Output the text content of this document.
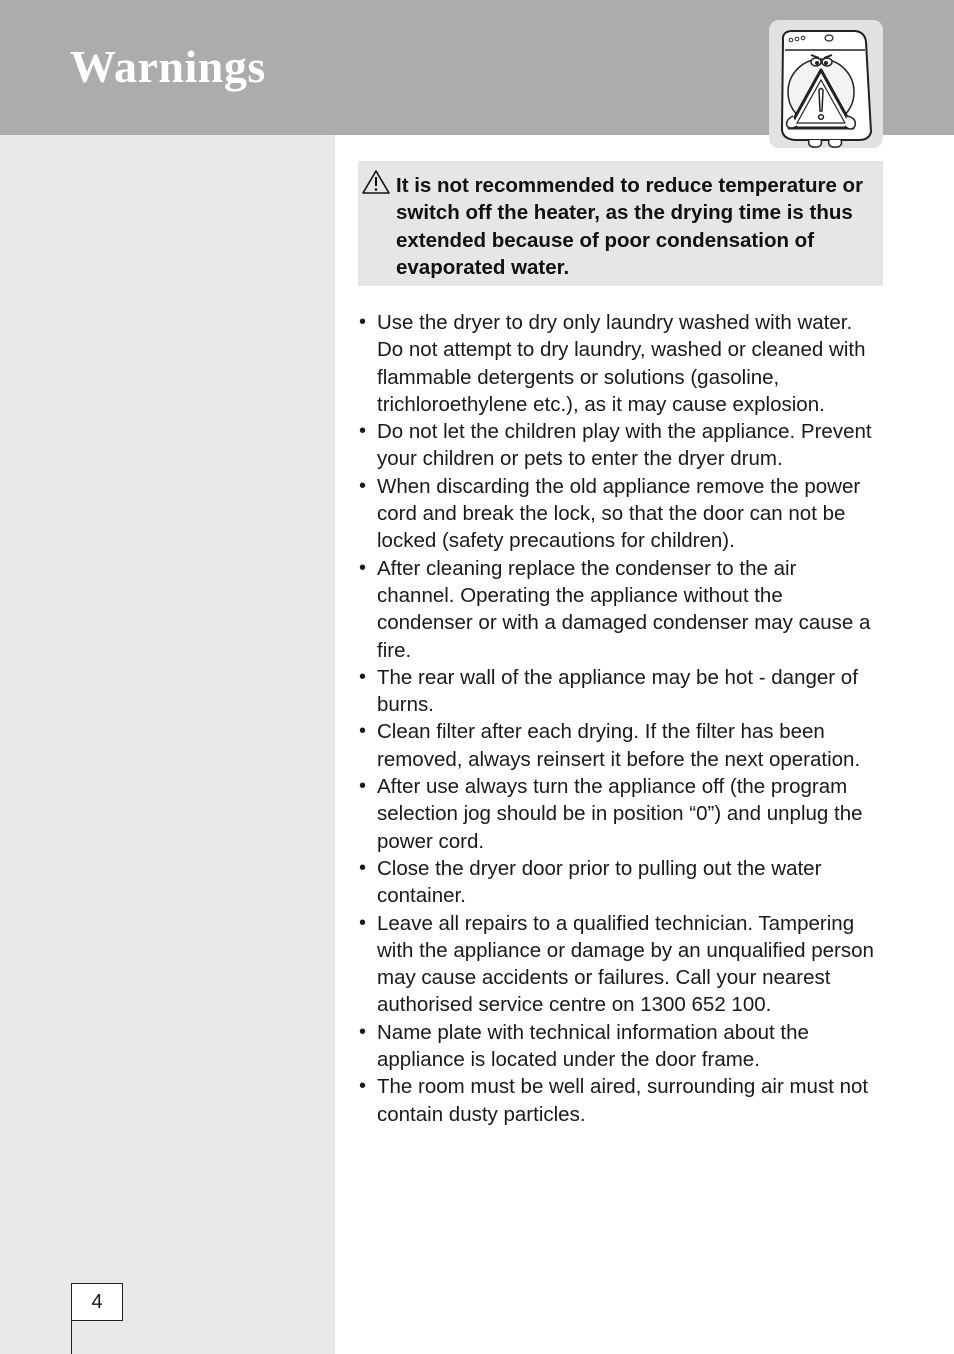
Warnings
It is not recommended to reduce temperature or switch off the heater, as the drying time is thus extended because of poor condensation of evaporated water.
• Use the dryer to dry only laundry washed with water. Do not attempt to dry laundry, washed or cleaned with flammable detergents or solutions (gasoline, trichloroethylene etc.), as it may cause explosion.
• Do not let the children play with the appliance. Prevent your children or pets to enter the dryer drum.
• When discarding the old appliance remove the power cord and break the lock, so that the door can not be locked (safety precautions for children).
• After cleaning replace the condenser to the air channel. Operating the appliance without the condenser or with a damaged condenser may cause a fire.
• The rear wall of the appliance may be hot - danger of burns.
• Clean filter after each drying. If the filter has been removed, always reinsert it before the next operation.
• After use always turn the appliance off (the program selection jog should be in position “0”) and unplug the power cord.
• Close the dryer door prior to pulling out the water container.
• Leave all repairs to a qualified technician. Tampering with the appliance or damage by an unqualified person may cause accidents or failures. Call your nearest authorised service centre on 1300 652 100.
• Name plate with technical information about the appliance is located under the door frame.
• The room must be well aired, surrounding air must not contain dusty particles.
4
